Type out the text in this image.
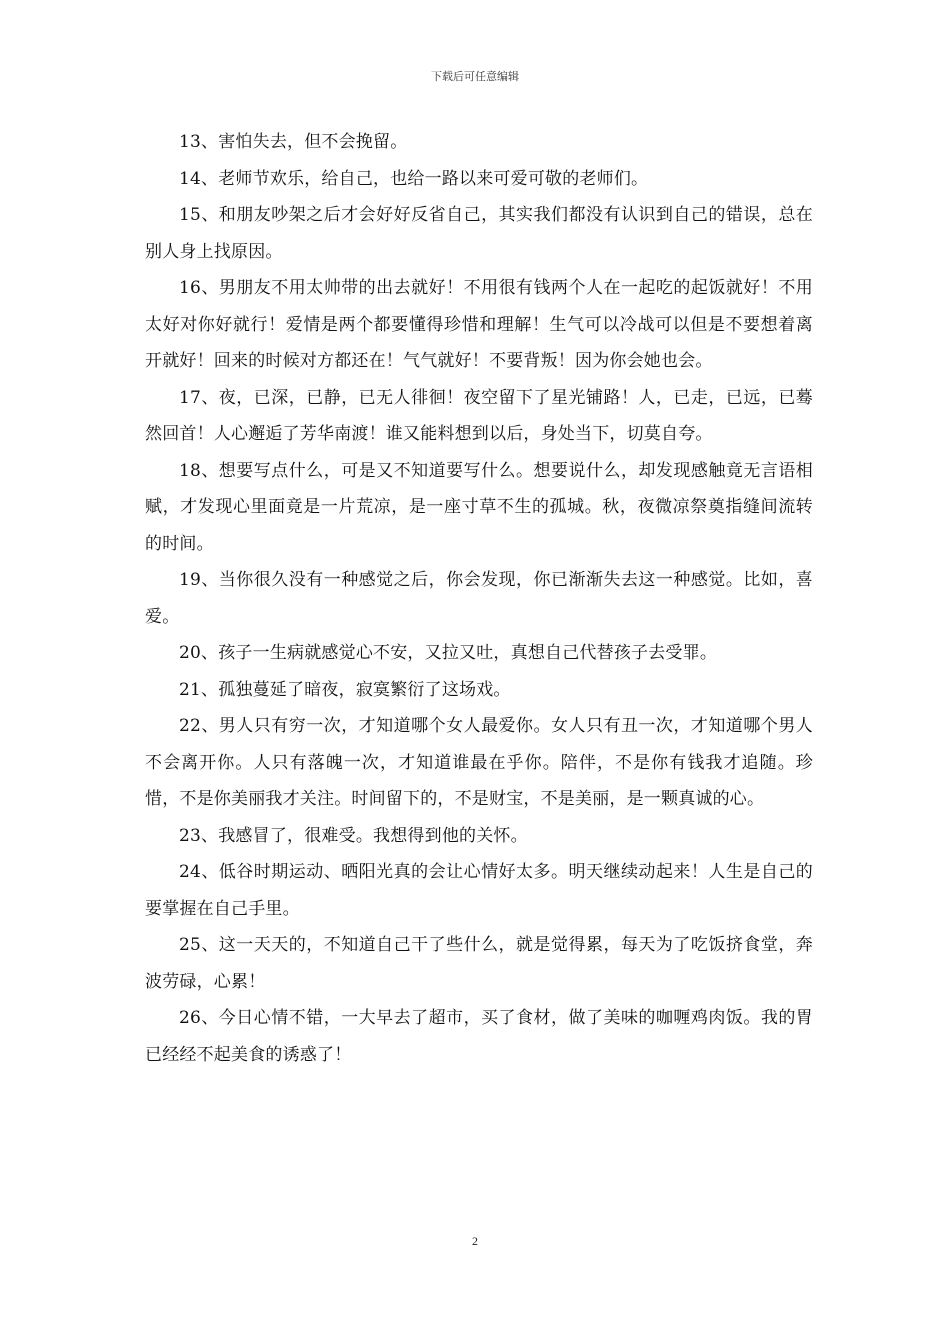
下载后可任意编辑

13、害怕失去，但不会挽留。

14、老师节欢乐，给自己，也给一路以来可爱可敬的老师们。

15、和朋友吵架之后才会好好反省自己，其实我们都没有认识到自己的错误，总在别人身上找原因。

16、男朋友不用太帅带的出去就好！不用很有钱两个人在一起吃的起饭就好！不用太好对你好就行！爱情是两个都要懂得珍惜和理解！生气可以冷战可以但是不要想着离开就好！回来的时候对方都还在！气气就好！不要背叛！因为你会她也会。

17、夜，已深，已静，已无人徘徊！夜空留下了星光铺路！人，已走，已远，已蓦然回首！人心邂逅了芳华南渡！谁又能料想到以后，身处当下，切莫自夸。

18、想要写点什么，可是又不知道要写什么。想要说什么，却发现感触竟无言语相赋，才发现心里面竟是一片荒凉，是一座寸草不生的孤城。秋，夜微凉祭奠指缝间流转的时间。

19、当你很久没有一种感觉之后，你会发现，你已渐渐失去这一种感觉。比如，喜爱。

20、孩子一生病就感觉心不安，又拉又吐，真想自己代替孩子去受罪。

21、孤独蔓延了暗夜，寂寞繁衍了这场戏。

22、男人只有穷一次，才知道哪个女人最爱你。女人只有丑一次，才知道哪个男人不会离开你。人只有落魄一次，才知道谁最在乎你。陪伴，不是你有钱我才追随。珍惜，不是你美丽我才关注。时间留下的，不是财宝，不是美丽，是一颗真诚的心。

23、我感冒了，很难受。我想得到他的关怀。

24、低谷时期运动、晒阳光真的会让心情好太多。明天继续动起来！人生是自己的要掌握在自己手里。

25、这一天天的，不知道自己干了些什么，就是觉得累，每天为了吃饭挤食堂，奔波劳碌，心累！

26、今日心情不错，一大早去了超市，买了食材，做了美味的咖喱鸡肉饭。我的胃已经经不起美食的诱惑了！

2
